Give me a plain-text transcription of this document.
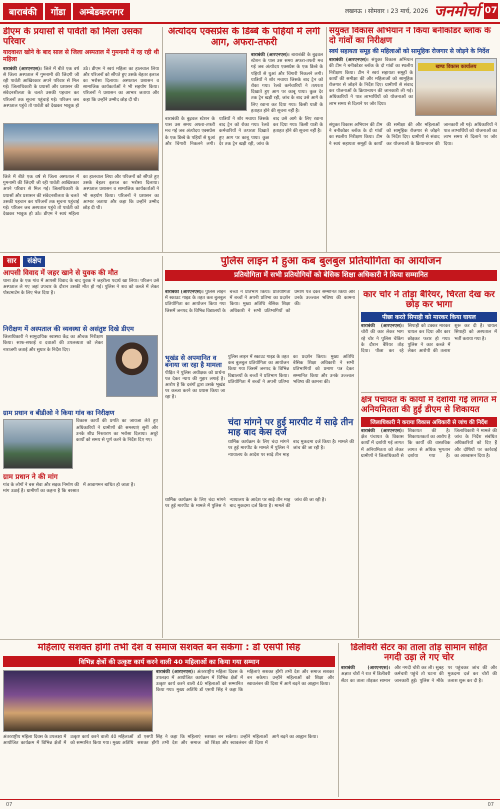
बाराबंकी	गोंडा	अम्बेडकरनगर	लखनऊ । सोमवार । 23 मार्च, 2026 जनमोर्चा 07
डीएम के प्रयासों से पार्वती को मिला उसका परिवार
यादवाश्त खोने के बाद साल से जिला अस्पताल में गुमनामी में रह रही थी महिला
बाराबंकी (आरएनएस)। जिले में बीते एक वर्ष से जिला अस्पताल में गुमनामी की जिंदगी जी रही पार्वती आखिरकार अपने परिवार से मिल गई। जिलाधिकारी के प्रयासों और प्रशासन की संवेदनशीलता के चलते उसकी पहचान कर परिजनों तक सूचना पहुंचाई गई। परिजन जब अस्पताल पहुंचे तो पार्वती को देखकर भावुक हो उठे। डीएम ने स्वयं महिला का हालचाल लिया और परिजनों को सौंपते हुए उसके बेहतर इलाज का भरोसा दिलाया। अस्पताल प्रशासन व सामाजिक कार्यकर्ताओं ने भी सहयोग किया। परिजनों ने प्रशासन का आभार जताया और कहा कि उन्होंने उम्मीद छोड़ दी थी।
जिले में बीते एक वर्ष से जिला अस्पताल में गुमनामी की जिंदगी जी रही पार्वती आखिरकार अपने परिवार से मिल गई। जिलाधिकारी के प्रयासों और प्रशासन की संवेदनशीलता के चलते उसकी पहचान कर परिजनों तक सूचना पहुंचाई गई। परिजन जब अस्पताल पहुंचे तो पार्वती को देखकर भावुक हो उठे। डीएम ने स्वयं महिला का हालचाल लिया और परिजनों को सौंपते हुए उसके बेहतर इलाज का भरोसा दिलाया। अस्पताल प्रशासन व सामाजिक कार्यकर्ताओं ने भी सहयोग किया। परिजनों ने प्रशासन का आभार जताया और कहा कि उन्होंने उम्मीद छोड़ दी थी।
अंत्योदय एक्सप्रेस के डिब्बे के पहियों में लगी आग, अफरा-तफरी
बाराबंकी (आरएनएस)। बाराबंकी के बुढ़वल स्टेशन के पास उस समय अफरा-तफरी मच गई जब अंत्योदय एक्सप्रेस के एक डिब्बे के पहियों से धुआं और चिंगारी निकलने लगी। यात्रियों ने शोर मचाया जिसके बाद ट्रेन को रोका गया। रेलवे कर्मचारियों ने तत्परता दिखाते हुए आग पर काबू पाया। कुछ देर तक ट्रेन खड़ी रही, जांच के बाद उसे आगे के लिए रवाना कर दिया गया। किसी यात्री के हताहत होने की सूचना नहीं है।
बाराबंकी के बुढ़वल स्टेशन के पास उस समय अफरा-तफरी मच गई जब अंत्योदय एक्सप्रेस के एक डिब्बे के पहियों से धुआं और चिंगारी निकलने लगी। यात्रियों ने शोर मचाया जिसके बाद ट्रेन को रोका गया। रेलवे कर्मचारियों ने तत्परता दिखाते हुए आग पर काबू पाया। कुछ देर तक ट्रेन खड़ी रही, जांच के बाद उसे आगे के लिए रवाना कर दिया गया। किसी यात्री के हताहत होने की सूचना नहीं है।
संयुक्त विकास अभियान ने किया बनीकोडर ब्लॉक के दो गांवों का निरीक्षण
स्वयं सहायता समूह की महिलाओं को सामूहिक रोजगार से जोड़ने के निर्देश
बाराबंकी (आरएनएस)। संयुक्त विकास अभियान की टीम ने बनीकोडर ब्लॉक के दो गांवों का स्थलीय निरीक्षण किया। टीम ने स्वयं सहायता समूहों के कार्यों की समीक्षा की और महिलाओं को सामूहिक रोजगार से जोड़ने के निर्देश दिए। ग्रामीणों से संवाद कर योजनाओं के क्रियान्वयन की जानकारी ली गई। अधिकारियों ने पात्र लाभार्थियों को योजनाओं का लाभ समय से दिलाने पर जोर दिया।
खण्ड विकास कार्यालय
संयुक्त विकास अभियान की टीम ने बनीकोडर ब्लॉक के दो गांवों का स्थलीय निरीक्षण किया। टीम ने स्वयं सहायता समूहों के कार्यों की समीक्षा की और महिलाओं को सामूहिक रोजगार से जोड़ने के निर्देश दिए। ग्रामीणों से संवाद कर योजनाओं के क्रियान्वयन की जानकारी ली गई। अधिकारियों ने पात्र लाभार्थियों को योजनाओं का लाभ समय से दिलाने पर जोर दिया।
सार	संक्षेप
आपसी विवाद में जहर खाने से युवक की मौत
थाना क्षेत्र के एक गांव में आपसी विवाद के बाद युवक ने जहरीला पदार्थ खा लिया। परिजन उसे अस्पताल ले गए जहां उपचार के दौरान उसकी मौत हो गई। पुलिस ने शव को कब्जे में लेकर पोस्टमार्टम के लिए भेज दिया है।
निरीक्षण में अस्पताल की व्यवस्था से असंतुष्ट दिखे डीएम
जिलाधिकारी ने सामुदायिक स्वास्थ्य केंद्र का औचक निरीक्षण किया। साफ-सफाई व दवाओं की उपलब्धता को लेकर नाराजगी जताई और सुधार के निर्देश दिए।
ग्राम प्रधान व बीडीओ ने किया गांव का निरीक्षण
विकास कार्यों की प्रगति का जायजा लेते हुए अधिकारियों ने ग्रामीणों की समस्याएं सुनीं और उनके शीघ्र निस्तारण का भरोसा दिलाया। अधूरे कार्यों को समय से पूर्ण करने के निर्देश दिए गए।
ग्राम प्रधान ने की मांग
गांव के लोगों ने बस सेवा और सड़क निर्माण की मांग उठाई है। ग्रामीणों का कहना है कि बरसात में आवागमन बाधित हो जाता है।
पुलिस लाइन में हुआ कब बुलबुल प्रतियोगिता का आयोजन
प्रतियोगिता में सभी प्रतियोगियों को बेसिक शिक्षा अधिकारी ने किया सम्मानित
बाराबंकी (आरएनएस)। पुलिस लाइन में स्काउट गाइड के तहत कब बुलबुल प्रतियोगिता का आयोजन किया गया जिसमें जनपद के विभिन्न विद्यालयों के बच्चों ने प्रतिभाग किया। प्रतियोगिता में बच्चों ने अपनी प्रतिभा का प्रदर्शन किया। मुख्य अतिथि बेसिक शिक्षा अधिकारी ने सभी प्रतिभागियों को प्रमाण पत्र देकर सम्मानित किया और उनके उज्ज्वल भविष्य की कामना की।
भूखंड से अपमानित व बनाया जा रहा है मामला
पीड़ित ने पुलिस अधीक्षक को प्रार्थना पत्र देकर न्याय की गुहार लगाई है। आरोप है कि दबंगों द्वारा उसके भूखंड पर कब्जा करने का प्रयास किया जा रहा है।
पुलिस लाइन में स्काउट गाइड के तहत कब बुलबुल प्रतियोगिता का आयोजन किया गया जिसमें जनपद के विभिन्न विद्यालयों के बच्चों ने प्रतिभाग किया। प्रतियोगिता में बच्चों ने अपनी प्रतिभा का प्रदर्शन किया। मुख्य अतिथि बेसिक शिक्षा अधिकारी ने सभी प्रतिभागियों को प्रमाण पत्र देकर सम्मानित किया और उनके उज्ज्वल भविष्य की कामना की।
चंदा मांगने पर हुई मारपीट में साढ़े तीन माह बाद केस दर्ज
धार्मिक कार्यक्रम के लिए चंदा मांगने पर हुई मारपीट के मामले में पुलिस ने न्यायालय के आदेश पर साढ़े तीन माह बाद मुकदमा दर्ज किया है। मामले की जांच की जा रही है।
धार्मिक कार्यक्रम के लिए चंदा मांगने पर हुई मारपीट के मामले में पुलिस ने न्यायालय के आदेश पर साढ़े तीन माह बाद मुकदमा दर्ज किया है। मामले की जांच की जा रही है।
कार चोर ने तोड़ा बैरियर, चिरता देख कर छोड़ कर भागा
पीछा करते सिपाही को मारकर किया घायल
बाराबंकी (आरएनएस)। चोरी की कार लेकर भाग रहे चोर ने पुलिस चेकिंग के दौरान बैरियर तोड़ दिया। पीछा कर रहे सिपाही को टक्कर मारकर घायल कर दिया और कार छोड़कर फरार हो गया। पुलिस ने कार कब्जे में लेकर आरोपी की तलाश शुरू कर दी है। घायल सिपाही को अस्पताल में भर्ती कराया गया है।
क्षेत्र पंचायत के कार्यों में दर्शायी गई लागत में अनियमितता की हुई डीएम से शिकायत
जिलाधिकारी ने कराया विकास अधिकारी से जांच की निर्देश
बाराबंकी (आरएनएस)। क्षेत्र पंचायत के विकास कार्यों में दर्शायी गई लागत में अनियमितता को लेकर ग्रामीणों ने जिलाधिकारी से शिकायत की है। शिकायतकर्ता का आरोप है कि कार्यों की वास्तविक लागत से अधिक भुगतान दर्शाया गया है। जिलाधिकारी ने मामले की जांच के निर्देश संबंधित अधिकारियों को दिए हैं और दोषियों पर कार्रवाई का आश्वासन दिया है।
महिलाएं सशक्त होंगी तभी देश व समाज सशक्त बन सकेगा : डॉ एसपी सिंह
विभिन्न क्षेत्रों की उत्कृष्ट कार्य करने वाली 40 महिलाओं का किया गया सम्मान
बाराबंकी (आरएनएस)। अंतरराष्ट्रीय महिला दिवस के उपलक्ष्य में आयोजित कार्यक्रम में विभिन्न क्षेत्रों में उत्कृष्ट कार्य करने वाली 40 महिलाओं को सम्मानित किया गया। मुख्य अतिथि डॉ एसपी सिंह ने कहा कि महिलाएं सशक्त होंगी तभी देश और समाज सशक्त बन सकेगा। उन्होंने महिलाओं को शिक्षा और स्वावलंबन की दिशा में आगे बढ़ने का आह्वान किया।
अंतरराष्ट्रीय महिला दिवस के उपलक्ष्य में आयोजित कार्यक्रम में विभिन्न क्षेत्रों में उत्कृष्ट कार्य करने वाली 40 महिलाओं को सम्मानित किया गया। मुख्य अतिथि डॉ एसपी सिंह ने कहा कि महिलाएं सशक्त होंगी तभी देश और समाज सशक्त बन सकेगा। उन्होंने महिलाओं को शिक्षा और स्वावलंबन की दिशा में आगे बढ़ने का आह्वान किया।
डिलीवरी सेंटर का ताला तोड़ सामान सहित नगदी उड़ा ले गए चोर
बाराबंकी (आरएनएस)। अज्ञात चोरों ने रात में डिलीवरी सेंटर का ताला तोड़कर सामान और नगदी चोरी कर ली। सुबह कर्मचारी पहुंचे तो घटना की जानकारी हुई। पुलिस ने मौके पर पहुंचकर जांच की और मुकदमा दर्ज कर चोरों की तलाश शुरू कर दी है।
07	07
